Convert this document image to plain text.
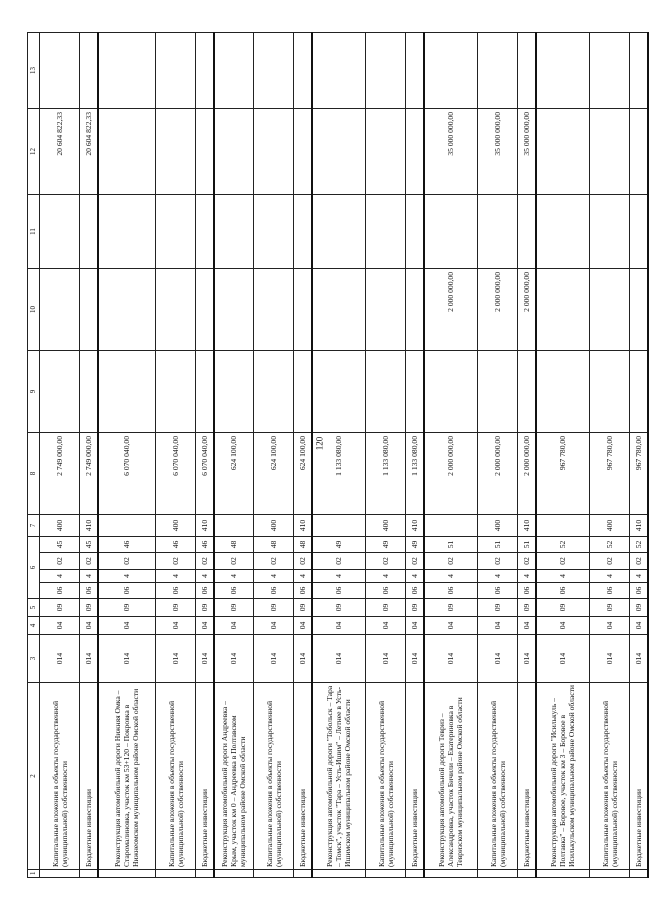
120
1	2	3	4	5	6				7	8	9	10	11	12	13
	Капитальные вложения в объекты государственной (муниципальной) собственности	014	04	09	06	4	02	45	400	2 749 000,00				20 604 822,33	
	Бюджетные инвестиции	014	04	09	06	4	02	45	410	2 749 000,00				20 604 822,33	
	Реконструкция автомобильной дороги Нижняя Омка – Старомалиновка, участок км 53+120 – Покровка в Нижнеомском муниципальном районе Омской области	014	04	09	06	4	02	46		6 070 040,00					
	Капитальные вложения в объекты государственной (муниципальной) собственности	014	04	09	06	4	02	46	400	6 070 040,00					
	Бюджетные инвестиции	014	04	09	06	4	02	46	410	6 070 040,00					
	Реконструкция автомобильной дороги Андреевка – Крым, участок км 0 – Андреевка в Полтавском муниципальном районе Омской области	014	04	09	06	4	02	48		624 100,00					
	Капитальные вложения в объекты государственной (муниципальной) собственности	014	04	09	06	4	02	48	400	624 100,00					
	Бюджетные инвестиции	014	04	09	06	4	02	48	410	624 100,00					
	Реконструкция автомобильной дороги "Тобольск – Тара – Томск", участок "Тара – Усть-Ишим" – Летнее в Усть-Ишимском муниципальном районе Омской области	014	04	09	06	4	02	49		1 133 080,00					
	Капитальные вложения в объекты государственной (муниципальной) собственности	014	04	09	06	4	02	49	400	1 133 080,00					
	Бюджетные инвестиции	014	04	09	06	4	02	49	410	1 133 080,00					
	Реконструкция автомобильной дороги Тевриз – Александровка, участок Бичили – Екатериновка в Тевризском муниципальном районе Омской области	014	04	09	06	4	02	51		2 000 000,00		2 000 000,00		35 000 000,00	
	Капитальные вложения в объекты государственной (муниципальной) собственности	014	04	09	06	4	02	51	400	2 000 000,00		2 000 000,00		35 000 000,00	
	Бюджетные инвестиции	014	04	09	06	4	02	51	410	2 000 000,00		2 000 000,00		35 000 000,00	
	Реконструкция автомобильной дороги "Исилькуль – Полтавка" – Боровое, участок км 3 – Боровое в Исилькульском муниципальном районе Омской области	014	04	09	06	4	02	52		967 780,00					
	Капитальные вложения в объекты государственной (муниципальной) собственности	014	04	09	06	4	02	52	400	967 780,00					
	Бюджетные инвестиции	014	04	09	06	4	02	52	410	967 780,00					
